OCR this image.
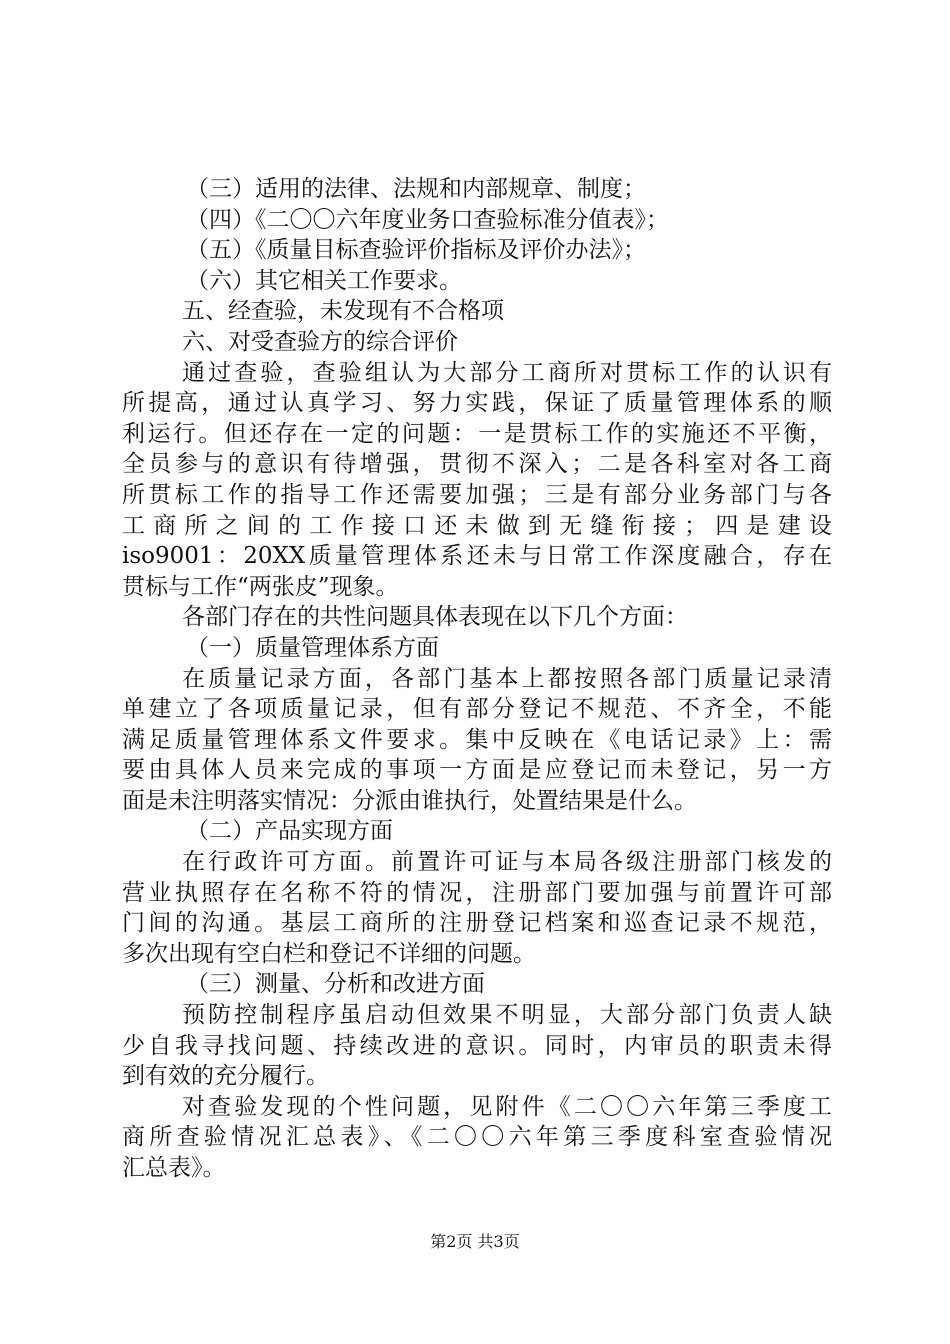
（三）适用的法律、法规和内部规章、制度；

（四）《二〇〇六年度业务口查验标准分值表》；

（五）《质量目标查验评价指标及评价办法》；

（六）其它相关工作要求。

五、经查验，未发现有不合格项

六、对受查验方的综合评价

通过查验，查验组认为大部分工商所对贯标工作的认识有

所提高，通过认真学习、努力实践，保证了质量管理体系的顺

利运行。但还存在一定的问题：一是贯标工作的实施还不平衡，

全员参与的意识有待增强，贯彻不深入；二是各科室对各工商

所贯标工作的指导工作还需要加强；三是有部分业务部门与各

工商所之间的工作接口还未做到无缝衔接；四是建设

iso9001：20XX质量管理体系还未与日常工作深度融合，存在

贯标与工作“两张皮”现象。

各部门存在的共性问题具体表现在以下几个方面：

（一）质量管理体系方面

在质量记录方面，各部门基本上都按照各部门质量记录清

单建立了各项质量记录，但有部分登记不规范、不齐全，不能

满足质量管理体系文件要求。集中反映在《电话记录》上：需

要由具体人员来完成的事项一方面是应登记而未登记，另一方

面是未注明落实情况：分派由谁执行，处置结果是什么。

（二）产品实现方面

在行政许可方面。前置许可证与本局各级注册部门核发的

营业执照存在名称不符的情况，注册部门要加强与前置许可部

门间的沟通。基层工商所的注册登记档案和巡查记录不规范，

多次出现有空白栏和登记不详细的问题。

（三）测量、分析和改进方面

预防控制程序虽启动但效果不明显，大部分部门负责人缺

少自我寻找问题、持续改进的意识。同时，内审员的职责未得

到有效的充分履行。

对查验发现的个性问题，见附件《二〇〇六年第三季度工

商所查验情况汇总表》、《二〇〇六年第三季度科室查验情况

汇总表》。

第2页 共3页
